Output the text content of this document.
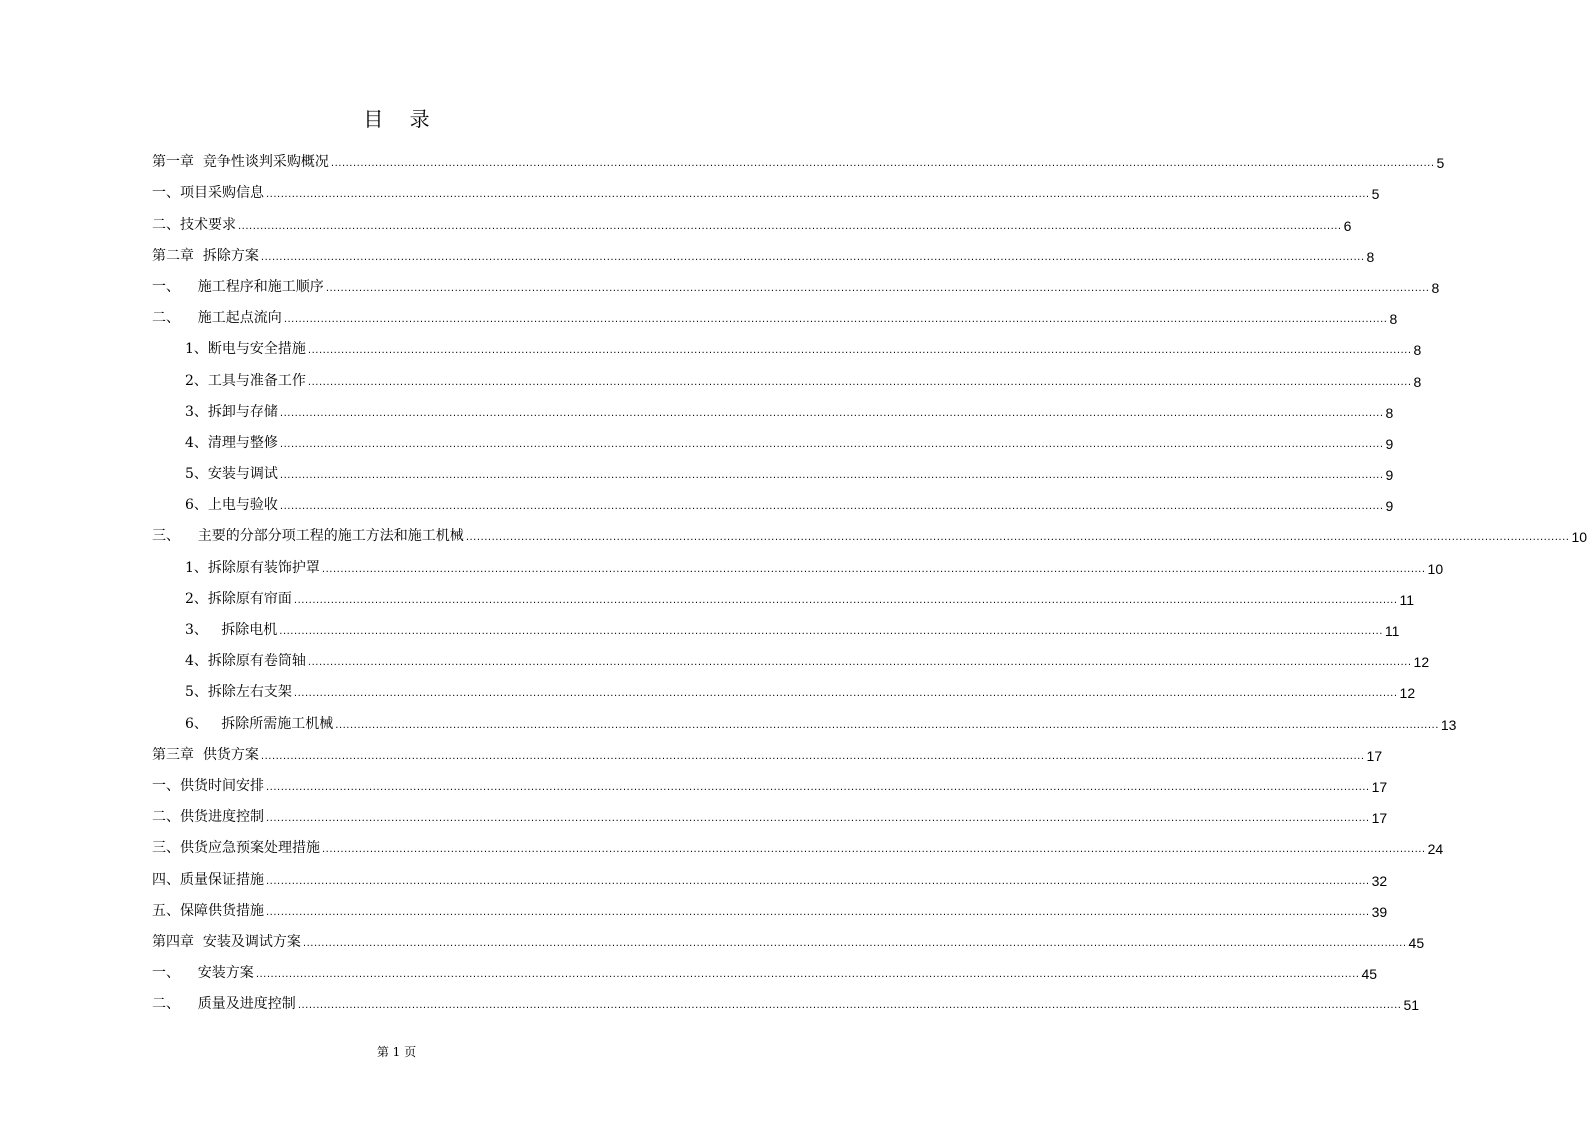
目 录
第一章  竞争性谈判采购概况 ............................................................................................................................................................................................................................................................................................................ 5
一、项目采购信息 ............................................................................................................................................................................................................................................................................................................ 5
二、技术要求 ............................................................................................................................................................................................................................................................................................................ 6
第二章  拆除方案 ............................................................................................................................................................................................................................................................................................................ 8
一、    施工程序和施工顺序 ............................................................................................................................................................................................................................................................................................................ 8
二、    施工起点流向 ............................................................................................................................................................................................................................................................................................................ 8
1、断电与安全措施 ............................................................................................................................................................................................................................................................................................................ 8
2、工具与准备工作 ............................................................................................................................................................................................................................................................................................................ 8
3、拆卸与存储 ............................................................................................................................................................................................................................................................................................................ 8
4、清理与整修 ............................................................................................................................................................................................................................................................................................................ 9
5、安装与调试 ............................................................................................................................................................................................................................................................................................................ 9
6、上电与验收 ............................................................................................................................................................................................................................................................................................................ 9
三、    主要的分部分项工程的施工方法和施工机械 ............................................................................................................................................................................................................................................................................................................ 10
1、拆除原有装饰护罩 ............................................................................................................................................................................................................................................................................................................ 10
2、拆除原有帘面 ............................................................................................................................................................................................................................................................................................................ 11
3、   拆除电机 ............................................................................................................................................................................................................................................................................................................ 11
4、拆除原有卷筒轴 ............................................................................................................................................................................................................................................................................................................ 12
5、拆除左右支架 ............................................................................................................................................................................................................................................................................................................ 12
6、   拆除所需施工机械 ............................................................................................................................................................................................................................................................................................................ 13
第三章  供货方案 ............................................................................................................................................................................................................................................................................................................ 17
一、供货时间安排 ............................................................................................................................................................................................................................................................................................................ 17
二、供货进度控制 ............................................................................................................................................................................................................................................................................................................ 17
三、供货应急预案处理措施 ............................................................................................................................................................................................................................................................................................................ 24
四、质量保证措施 ............................................................................................................................................................................................................................................................................................................ 32
五、保障供货措施 ............................................................................................................................................................................................................................................................................................................ 39
第四章  安装及调试方案 ............................................................................................................................................................................................................................................................................................................ 45
一、    安装方案 ............................................................................................................................................................................................................................................................................................................ 45
二、    质量及进度控制 ............................................................................................................................................................................................................................................................................................................ 51
第 1 页
